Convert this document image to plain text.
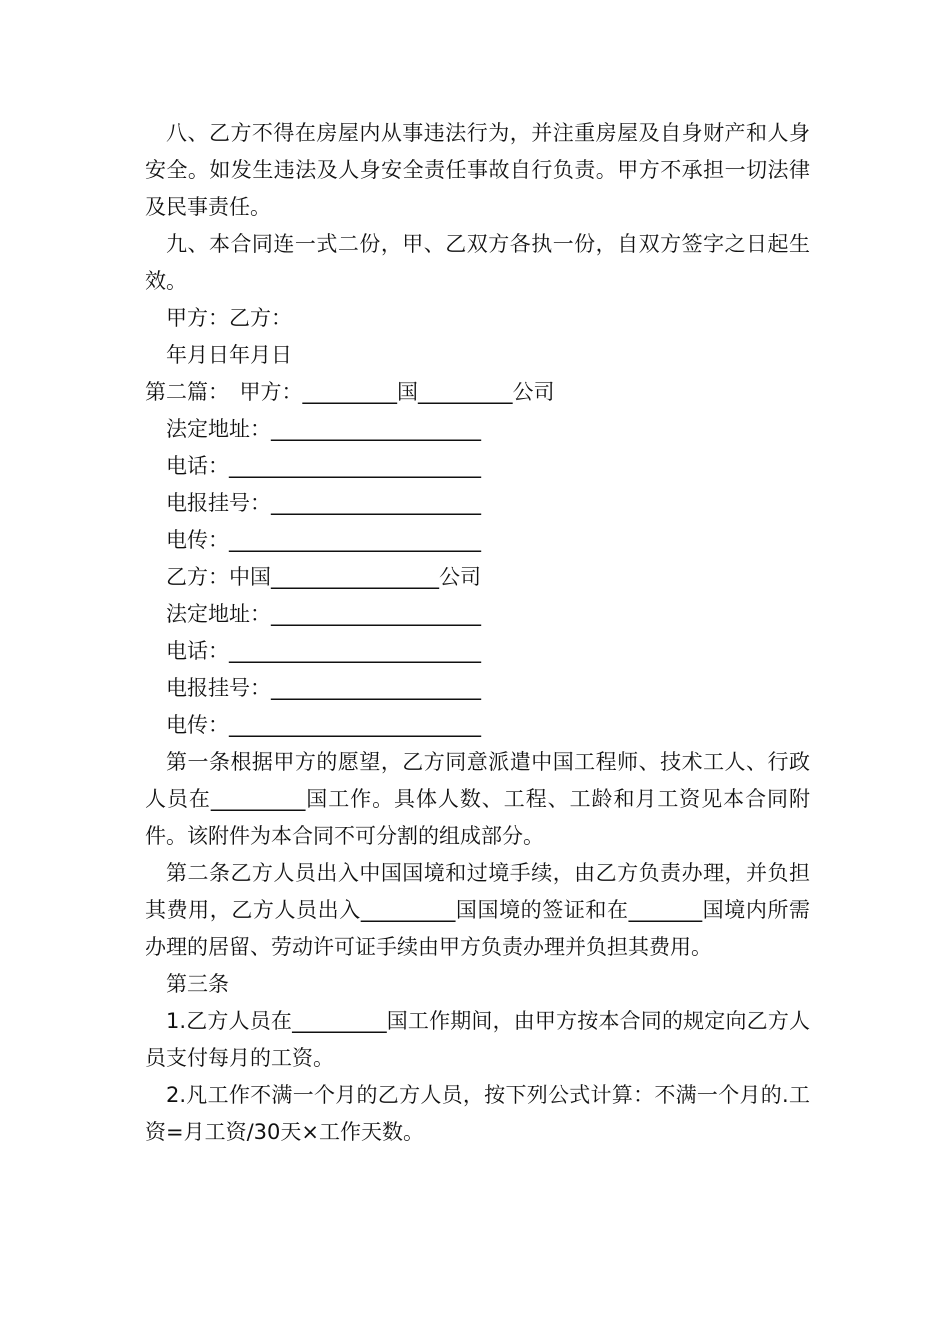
八、乙方不得在房屋内从事违法行为，并注重房屋及自身财产和人身安全。如发生违法及人身安全责任事故自行负责。甲方不承担一切法律及民事责任。

九、本合同连一式二份，甲、乙双方各执一份，自双方签字之日起生效。

甲方：乙方：

年月日年月日

第二篇：　甲方：_________国_________公司

法定地址：____________________

电话：________________________

电报挂号：____________________

电传：________________________

乙方：中国________________公司

法定地址：____________________

电话：________________________

电报挂号：____________________

电传：________________________

第一条根据甲方的愿望，乙方同意派遣中国工程师、技术工人、行政人员在_________国工作。具体人数、工程、工龄和月工资见本合同附件。该附件为本合同不可分割的组成部分。

第二条乙方人员出入中国国境和过境手续，由乙方负责办理，并负担其费用，乙方人员出入_________国国境的签证和在_______国境内所需办理的居留、劳动许可证手续由甲方负责办理并负担其费用。

第三条

1.乙方人员在_________国工作期间，由甲方按本合同的规定向乙方人员支付每月的工资。

2.凡工作不满一个月的乙方人员，按下列公式计算：不满一个月的.工资=月工资/30天×工作天数。
